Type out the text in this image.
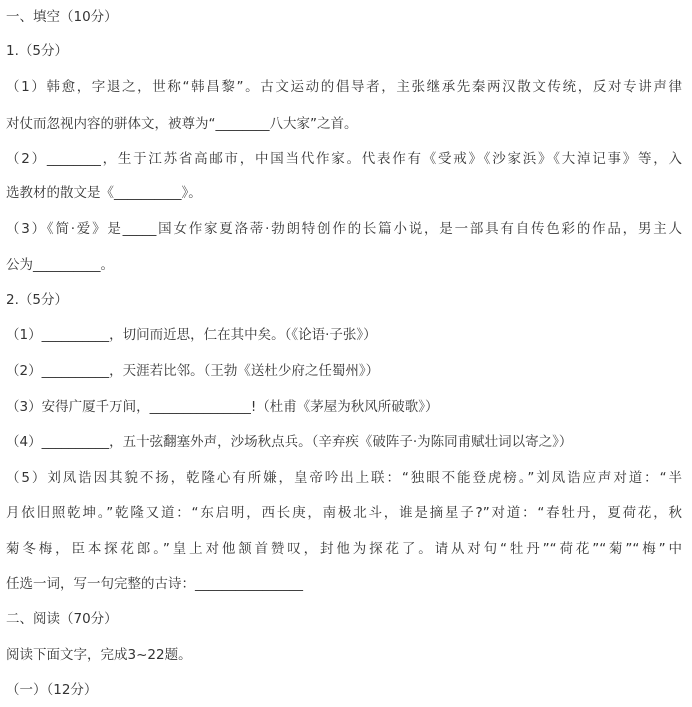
一、填空（10分）
1.（5分）
（1）韩愈，字退之，世称“韩昌黎”。古文运动的倡导者，主张继承先秦两汉散文传统，反对专讲声律
对仗而忽视内容的骈体文，被尊为“________八大家”之首。
（2）________，生于江苏省高邮市，中国当代作家。代表作有《受戒》《沙家浜》《大淖记事》等，入
选教材的散文是《__________》。
（3）《简·爱》是_____国女作家夏洛蒂·勃朗特创作的长篇小说，是一部具有自传色彩的作品，男主人
公为__________。
2.（5分）
（1）__________，切问而近思，仁在其中矣。（《论语·子张》）
（2）__________，天涯若比邻。（王勃《送杜少府之任蜀州》）
（3）安得广厦千万间，_______________!（杜甫《茅屋为秋风所破歌》）
（4）__________，五十弦翻塞外声，沙场秋点兵。（辛弃疾《破阵子·为陈同甫赋壮词以寄之》）
（5）刘凤诰因其貌不扬，乾隆心有所嫌，皇帝吟出上联：“独眼不能登虎榜。”刘凤诰应声对道：“半
月依旧照乾坤。”乾隆又道：“东启明，西长庚，南极北斗，谁是摘星子?”对道：“春牡丹，夏荷花，秋
菊冬梅，臣本探花郎。”皇上对他颔首赞叹，封他为探花了。请从对句“牡丹”“荷花”“菊”“梅”中
任选一词，写一句完整的古诗：________________
二、阅读（70分）
阅读下面文字，完成3~22题。
（一）（12分）
